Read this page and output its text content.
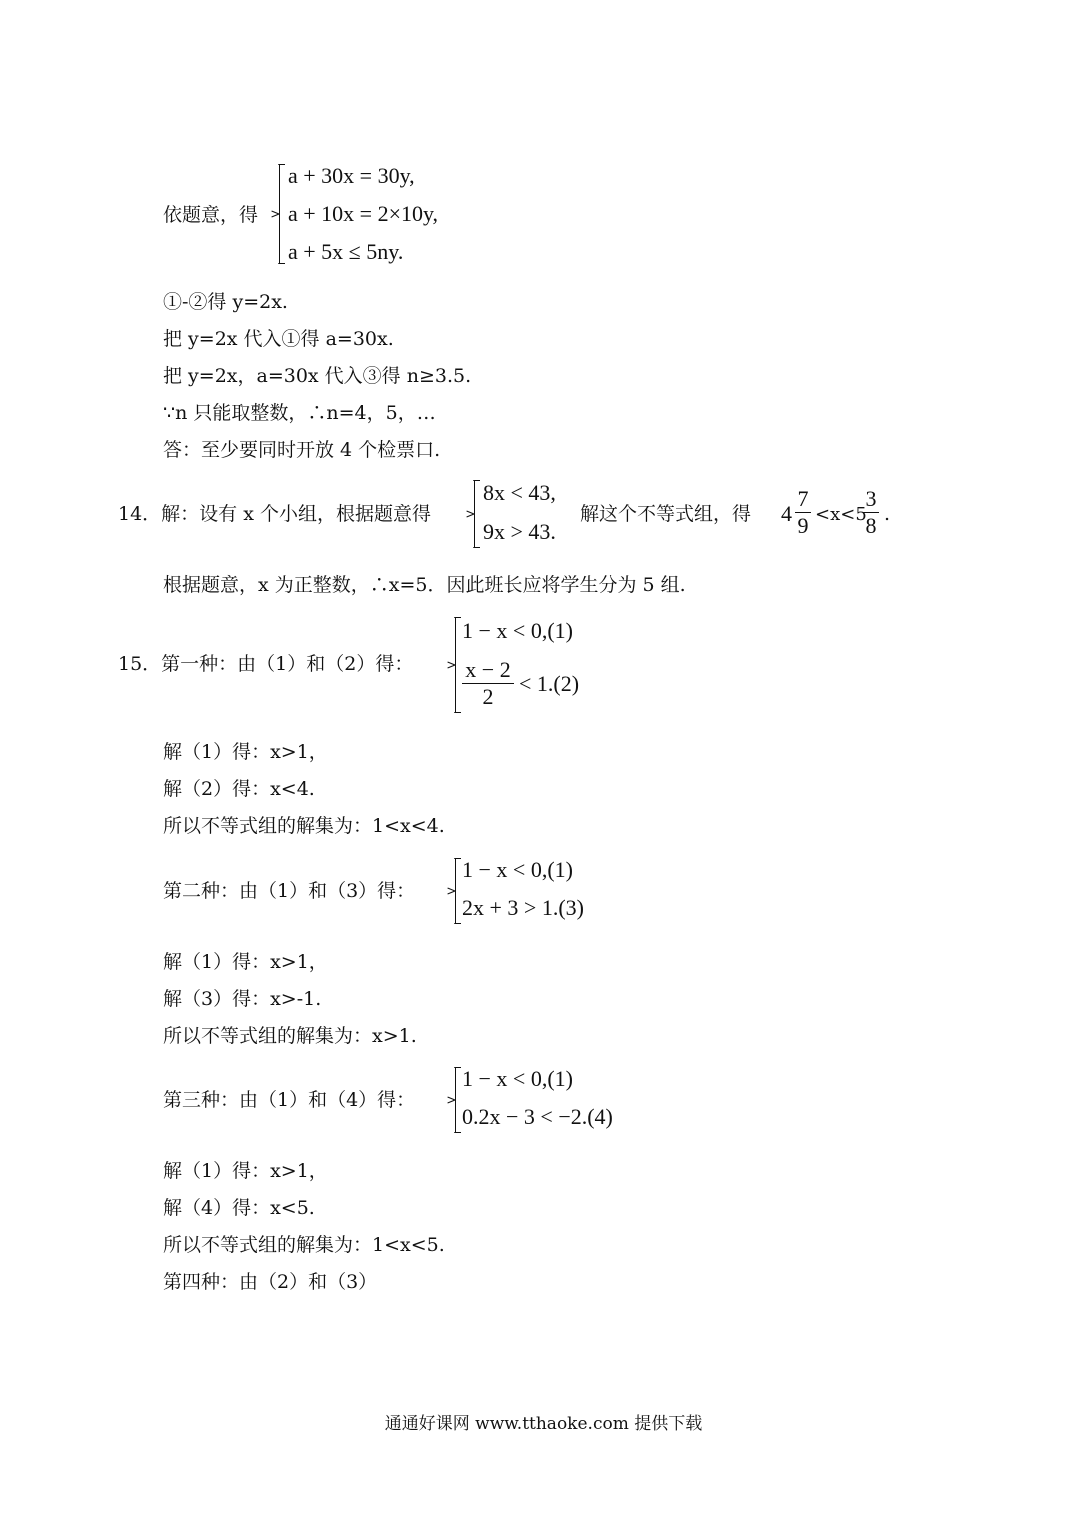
依题意，得
a + 30x = 30y,
a + 10x = 2×10y,
a + 5x ≤ 5ny.
①-②得 y=2x.
把 y=2x 代入①得 a=30x.
把 y=2x，a=30x 代入③得 n≥3.5.
∵n 只能取整数，∴n=4，5，…
答：至少要同时开放 4 个检票口.
14．解：设有 x 个小组，根据题意得
8x < 43,
9x > 43.
解这个不等式组，得 4
7
9 <x<5
3
8 .
根据题意，x 为正整数，∴x=5．因此班长应将学生分为 5 组.
15．第一种：由（1）和（2）得：
1 − x < 0,(1)
x − 2
2
< 1.(2)
解（1）得：x>1，
解（2）得：x<4.
所以不等式组的解集为：1<x<4.
第二种：由（1）和（3）得：
1 − x < 0,(1)
2x + 3 > 1.(3)
解（1）得：x>1，
解（3）得：x>-1.
所以不等式组的解集为：x>1.
第三种：由（1）和（4）得：
1 − x < 0,(1)
0.2x − 3 < −2.(4)
解（1）得：x>1，
解（4）得：x<5.
所以不等式组的解集为：1<x<5.
第四种：由（2）和（3）
通通好课网 www.tthaoke.com 提供下载
